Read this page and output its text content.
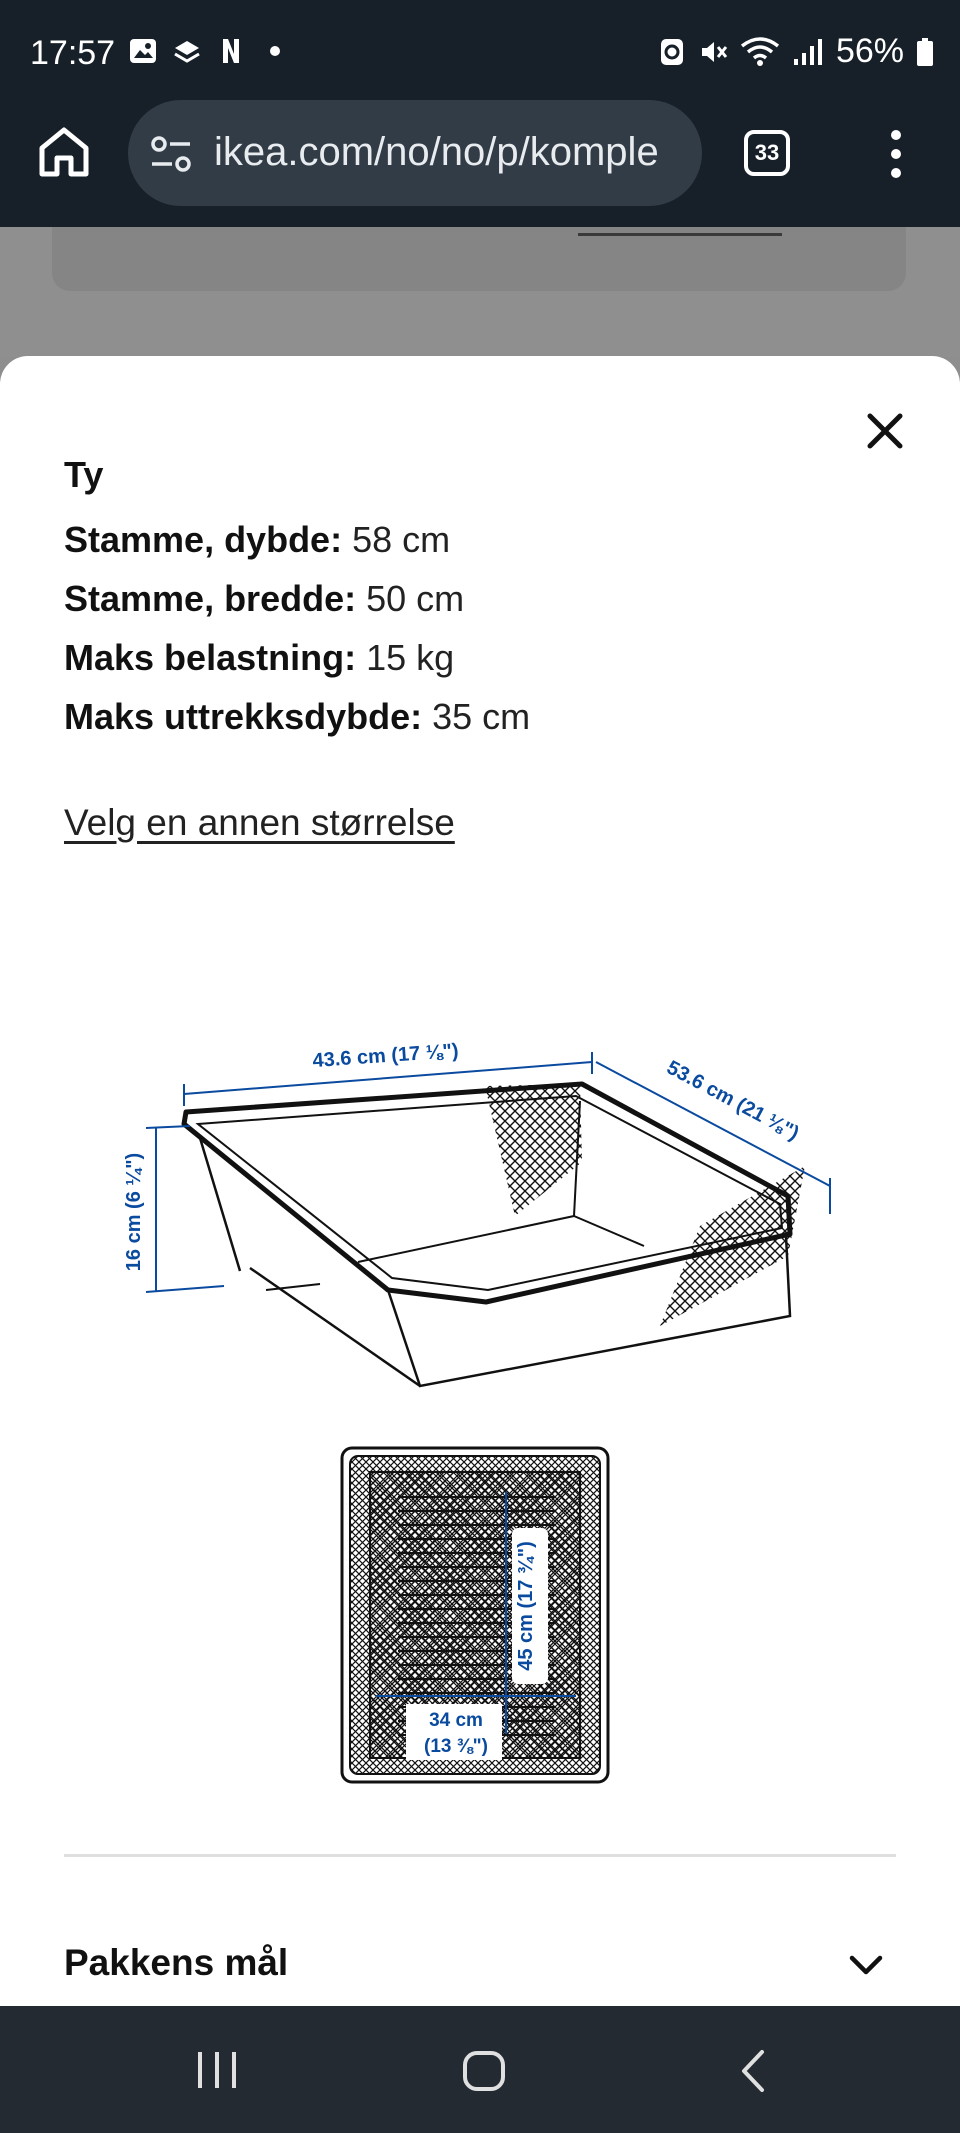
17:57	56%
ikea.com/no/no/p/komple	33
Ty
Stamme, dybde: 58 cm
Stamme, bredde: 50 cm
Maks belastning: 15 kg
Maks uttrekksdybde: 35 cm
Velg en annen størrelse
43.6 cm (17 ⅛")
53.6 cm (21 ⅛")
16 cm (6 ¼")
45 cm (17 ¾")
34 cm
(13 ⅜")
Pakkens mål
